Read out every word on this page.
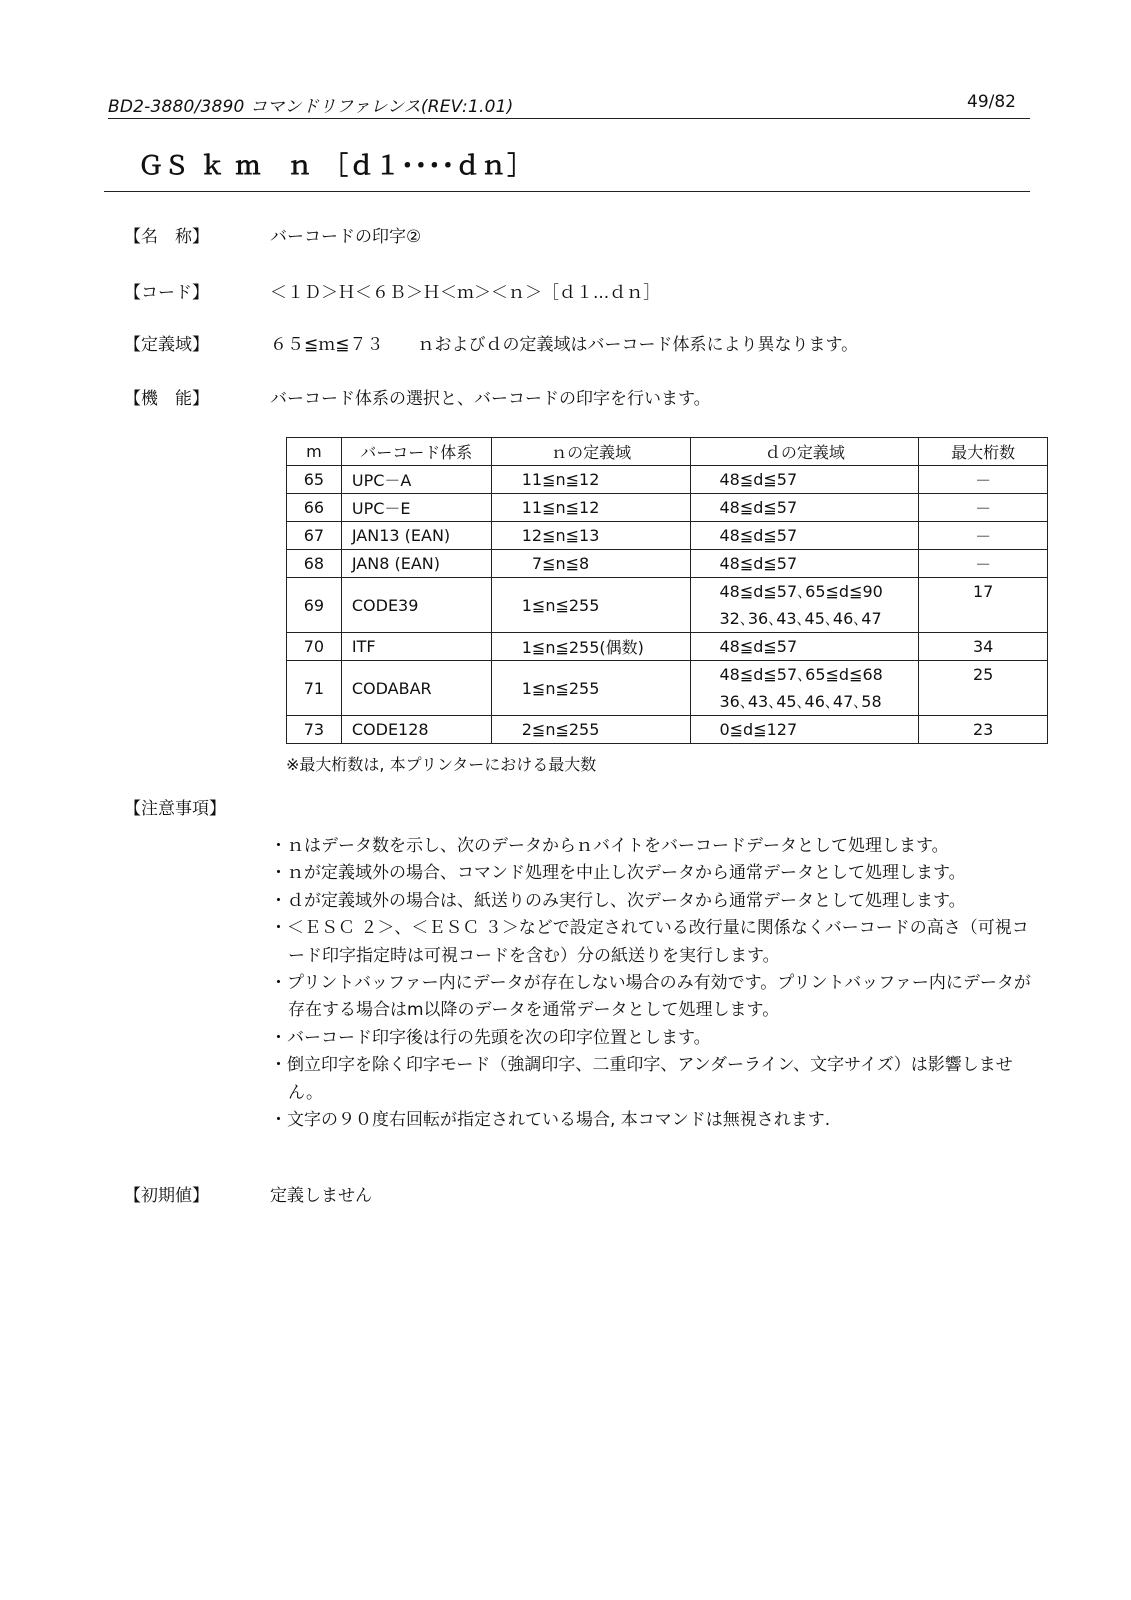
BD2-3880/3890 コマンドリファレンス(REV:1.01)	49/82
ＧＳ ｋ ｍ　ｎ ［ｄ１････ｄｎ］
【名　称】	バーコードの印字②
【コード】	＜１Ｄ＞Ｈ＜６Ｂ＞Ｈ＜ｍ＞＜ｎ＞［ｄ１...ｄｎ］
【定義域】	６５≦ｍ≦７３　　ｎおよびｄの定義域はバーコード体系により異なります。
【機　能】	バーコード体系の選択と、バーコードの印字を行います。
m	バーコード体系	ｎの定義域	ｄの定義域	最大桁数
65	UPC－A	11≦n≦12	48≦d≦57	－
66	UPC－E	11≦n≦12	48≦d≦57	－
67	JAN13 (EAN)	12≦n≦13	48≦d≦57	－
68	JAN8 (EAN)	7≦n≦8	48≦d≦57	－
69	CODE39	1≦n≦255	48≦d≦57､65≦d≦90
32､36､43､45､46､47	17
70	ITF	1≦n≦255(偶数)	48≦d≦57	34
71	CODABAR	1≦n≦255	48≦d≦57､65≦d≦68
36､43､45､46､47､58	25
73	CODE128	2≦n≦255	0≦d≦127	23
※最大桁数は, 本プリンターにおける最大数
【注意事項】
・ｎはデータ数を示し、次のデータからｎバイトをバーコードデータとして処理します。
・ｎが定義域外の場合、コマンド処理を中止し次データから通常データとして処理します。
・ｄが定義域外の場合は、紙送りのみ実行し、次データから通常データとして処理します。
・＜ＥＳＣ ２＞、＜ＥＳＣ ３＞などで設定されている改行量に関係なくバーコードの高さ（可視コード印字指定時は可視コードを含む）分の紙送りを実行します。
・プリントバッファー内にデータが存在しない場合のみ有効です。プリントバッファー内にデータが存在する場合はm以降のデータを通常データとして処理します。
・バーコード印字後は行の先頭を次の印字位置とします。
・倒立印字を除く印字モード（強調印字、二重印字、アンダーライン、文字サイズ）は影響しません。
・文字の９０度右回転が指定されている場合, 本コマンドは無視されます.
【初期値】	定義しません
